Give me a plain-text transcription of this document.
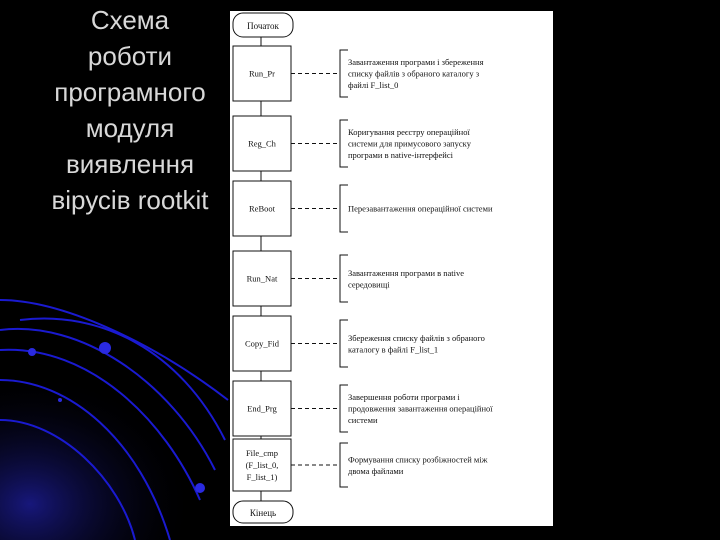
Схема
роботи
програмного
модуля
виявлення
вірусів rootkit
Початок
Run_Pr
Завантаження програми і збереження
списку файлів з обраного каталогу з
файлі F_list_0
Reg_Ch
Коригування реєстру операційної
системи для примусового запуску
програми в native-інтерфейсі
ReBoot	Перезавантаження операційної системи
Run_Nat
Завантаження програми в native
середовищі
Copy_Fid
Збереження списку файлів з обраного
каталогу в файлі F_list_1
End_Prg
Завершення роботи програми і
продовження завантаження операційної
системи
File_cmp
(F_list_0,
F_list_1)
Формування списку розбіжностей між
двома файлами
Кінець
